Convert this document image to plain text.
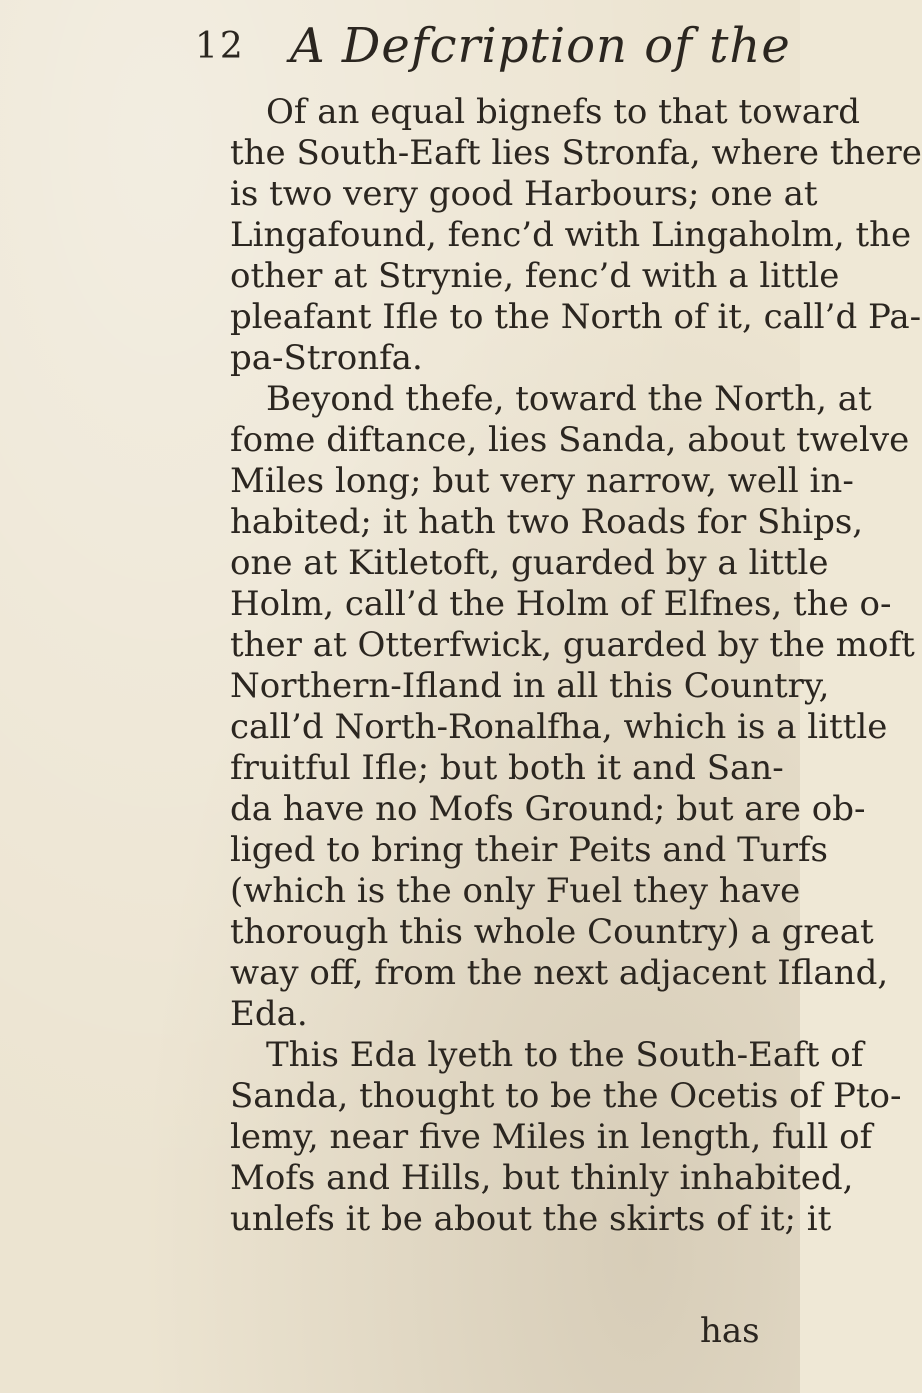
12 A Defcription of the
Of an equal bignefs to that toward
the South-Eaft lies Stronfa, where there
is two very good Harbours; one at
Lingafound, fenc’d with Lingaholm, the
other at Strynie, fenc’d with a little
pleafant Ifle to the North of it, call’d Pa-
pa-Stronfa.
Beyond thefe, toward the North, at
fome diftance, lies Sanda, about twelve
Miles long; but very narrow, well in-
habited; it hath two Roads for Ships,
one at Kitletoft, guarded by a little
Holm, call’d the Holm of Elfnes, the o-
ther at Otterfwick, guarded by the moft
Northern-Ifland in all this Country,
call’d North-Ronalfha, which is a little
fruitful Ifle; but both it and San-
da have no Mofs Ground; but are ob-
liged to bring their Peits and Turfs
(which is the only Fuel they have
thorough this whole Country) a great
way off, from the next adjacent Ifland,
Eda.
This Eda lyeth to the South-Eaft of
Sanda, thought to be the Ocetis of Pto-
lemy, near five Miles in length, full of
Mofs and Hills, but thinly inhabited,
unlefs it be about the skirts of it; it
has
